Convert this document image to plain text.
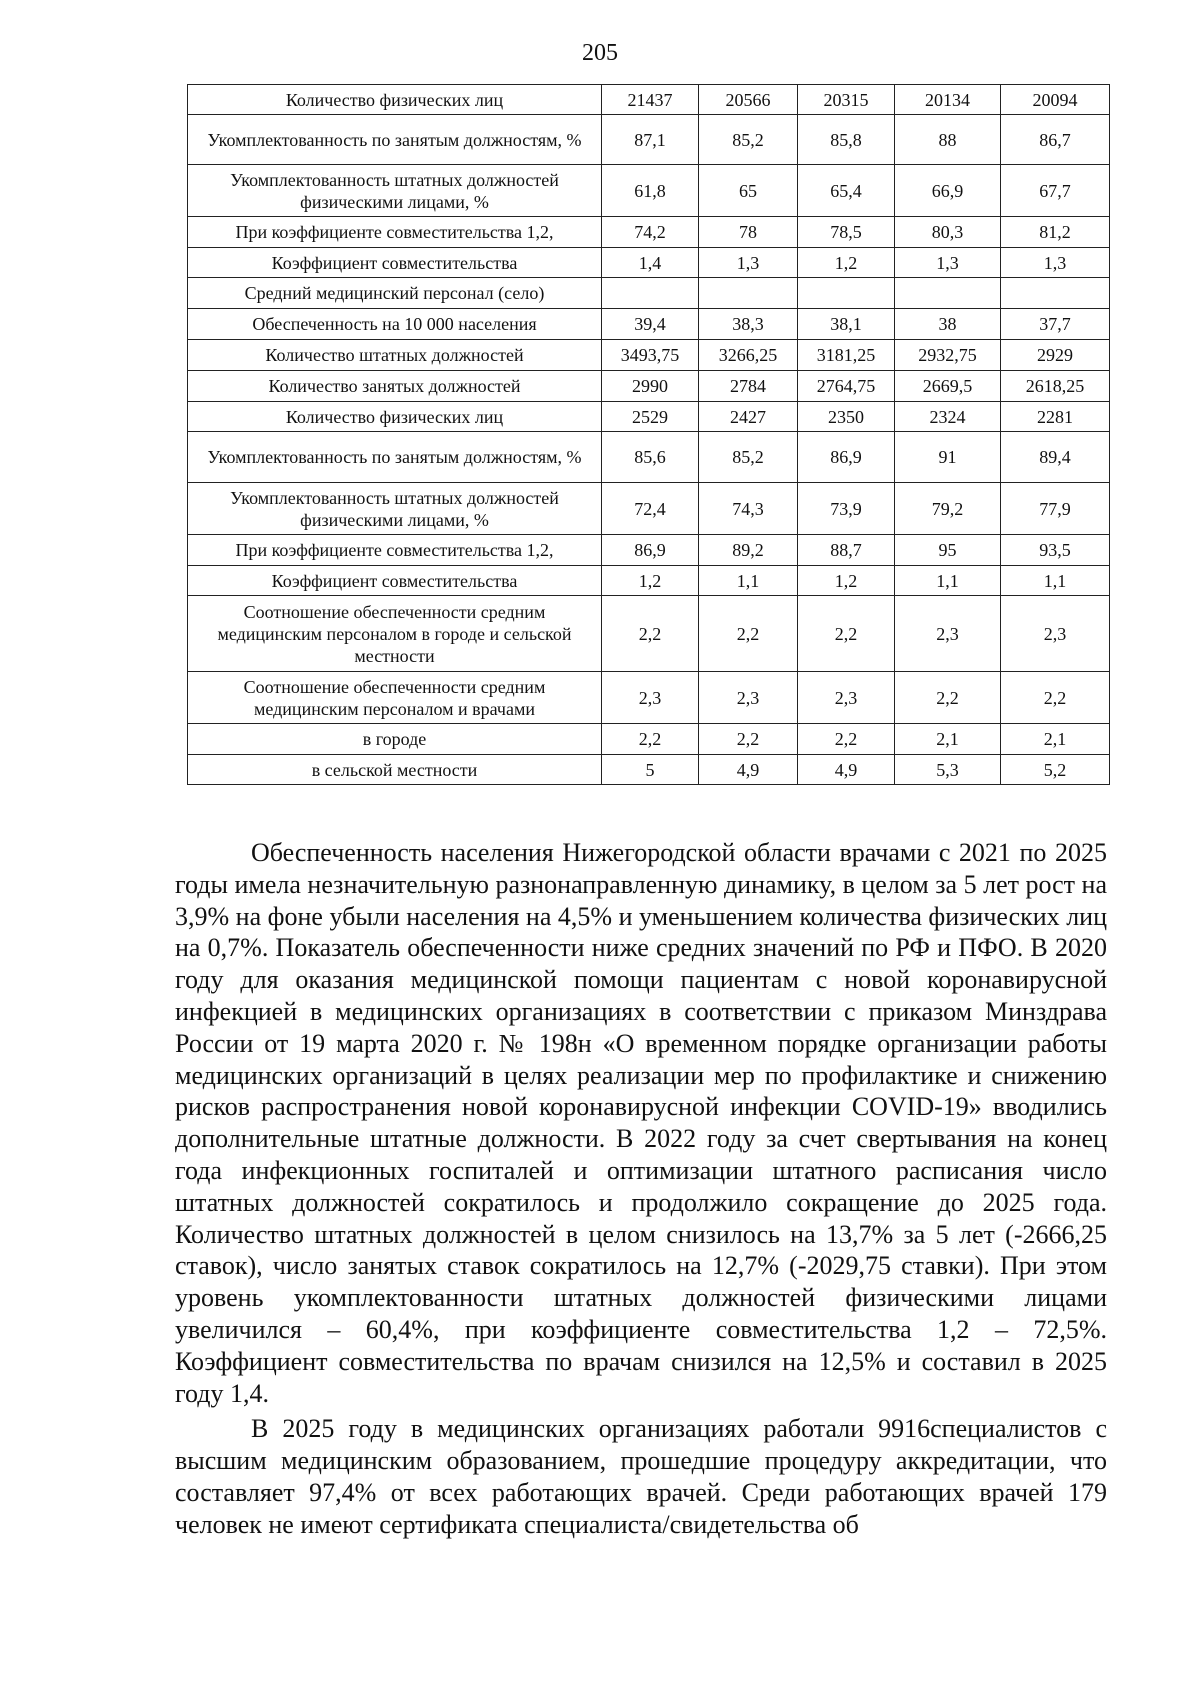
205
Количество физических лиц	21437	20566	20315	20134	20094
Укомплектованность по занятым должностям, %	87,1	85,2	85,8	88	86,7
Укомплектованность штатных должностей физическими лицами, %	61,8	65	65,4	66,9	67,7
При коэффициенте совместительства 1,2,	74,2	78	78,5	80,3	81,2
Коэффициент совместительства	1,4	1,3	1,2	1,3	1,3
Средний медицинский персонал (село)					
Обеспеченность на 10 000 населения	39,4	38,3	38,1	38	37,7
Количество штатных должностей	3493,75	3266,25	3181,25	2932,75	2929
Количество занятых должностей	2990	2784	2764,75	2669,5	2618,25
Количество физических лиц	2529	2427	2350	2324	2281
Укомплектованность по занятым должностям, %	85,6	85,2	86,9	91	89,4
Укомплектованность штатных должностей физическими лицами, %	72,4	74,3	73,9	79,2	77,9
При коэффициенте совместительства 1,2,	86,9	89,2	88,7	95	93,5
Коэффициент совместительства	1,2	1,1	1,2	1,1	1,1
Соотношение обеспеченности средним медицинским персоналом в городе и сельской местности	2,2	2,2	2,2	2,3	2,3
Соотношение обеспеченности средним медицинским персоналом и врачами	2,3	2,3	2,3	2,2	2,2
в городе	2,2	2,2	2,2	2,1	2,1
в сельской местности	5	4,9	4,9	5,3	5,2

Обеспеченность населения Нижегородской области врачами с 2021 по 2025 годы имела незначительную разнонаправленную динамику, в целом за 5 лет рост на 3,9% на фоне убыли населения на 4,5% и уменьшением количества физических лиц на 0,7%. Показатель обеспеченности ниже средних значений по РФ и ПФО. В 2020 году для оказания медицинской помощи пациентам с новой коронавирусной инфекцией в медицинских организациях в соответствии с приказом Минздрава России от 19 марта 2020 г. № 198н «О временном порядке организации работы медицинских организаций в целях реализации мер по профилактике и снижению рисков распространения новой коронавирусной инфекции COVID-19» вводились дополнительные штатные должности. В 2022 году за счет свертывания на конец года инфекционных госпиталей и оптимизации штатного расписания число штатных должностей сократилось и продолжило сокращение до 2025 года. Количество штатных должностей в целом снизилось на 13,7% за 5 лет (-2666,25 ставок), число занятых ставок сократилось на 12,7% (-2029,75 ставки). При этом уровень укомплектованности штатных должностей физическими лицами увеличился – 60,4%, при коэффициенте совместительства 1,2 – 72,5%. Коэффициент совместительства по врачам снизился на 12,5% и составил в 2025 году 1,4.

В 2025 году в медицинских организациях работали 9916специалистов с высшим медицинским образованием, прошедшие процедуру аккредитации, что составляет 97,4% от всех работающих врачей. Среди работающих врачей 179 человек не имеют сертификата специалиста/свидетельства об
